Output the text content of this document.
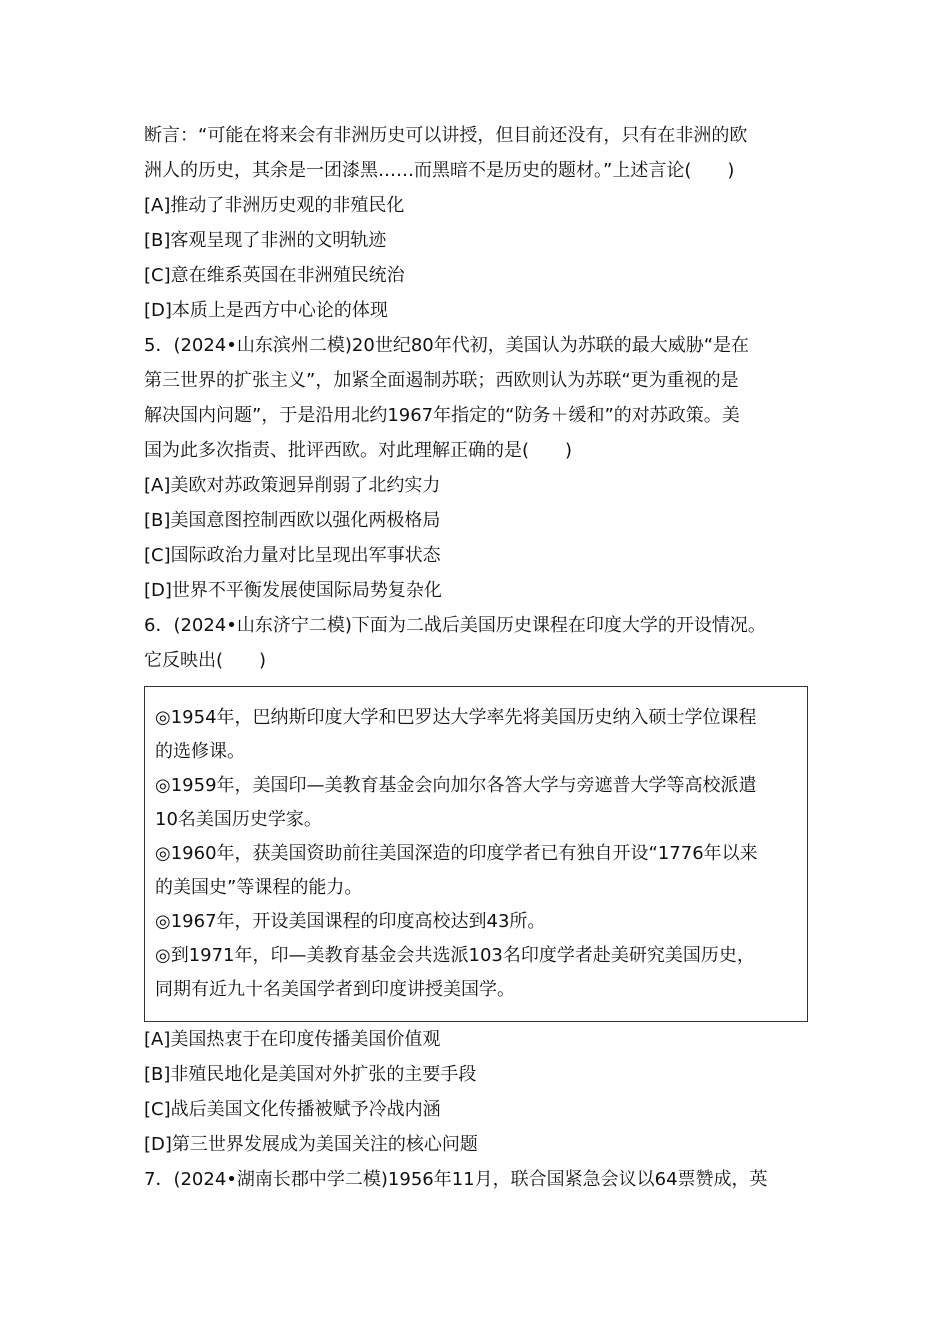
断言：“可能在将来会有非洲历史可以讲授，但目前还没有，只有在非洲的欧
洲人的历史，其余是一团漆黑……而黑暗不是历史的题材。”上述言论(　　)
[A]推动了非洲历史观的非殖民化
[B]客观呈现了非洲的文明轨迹
[C]意在维系英国在非洲殖民统治
[D]本质上是西方中心论的体现
5．(2024•山东滨州二模)20世纪80年代初，美国认为苏联的最大威胁“是在
第三世界的扩张主义”，加紧全面遏制苏联；西欧则认为苏联“更为重视的是
解决国内问题”，于是沿用北约1967年指定的“防务＋缓和”的对苏政策。美
国为此多次指责、批评西欧。对此理解正确的是(　　)
[A]美欧对苏政策迥异削弱了北约实力
[B]美国意图控制西欧以强化两极格局
[C]国际政治力量对比呈现出军事状态
[D]世界不平衡发展使国际局势复杂化
6．(2024•山东济宁二模)下面为二战后美国历史课程在印度大学的开设情况。
它反映出(　　)
◎1954年，巴纳斯印度大学和巴罗达大学率先将美国历史纳入硕士学位课程
的选修课。
◎1959年，美国印—美教育基金会向加尔各答大学与旁遮普大学等高校派遣
10名美国历史学家。
◎1960年，获美国资助前往美国深造的印度学者已有独自开设“1776年以来
的美国史”等课程的能力。
◎1967年，开设美国课程的印度高校达到43所。
◎到1971年，印—美教育基金会共选派103名印度学者赴美研究美国历史，
同期有近九十名美国学者到印度讲授美国学。
[A]美国热衷于在印度传播美国价值观
[B]非殖民地化是美国对外扩张的主要手段
[C]战后美国文化传播被赋予冷战内涵
[D]第三世界发展成为美国关注的核心问题
7．(2024•湖南长郡中学二模)1956年11月，联合国紧急会议以64票赞成，英
